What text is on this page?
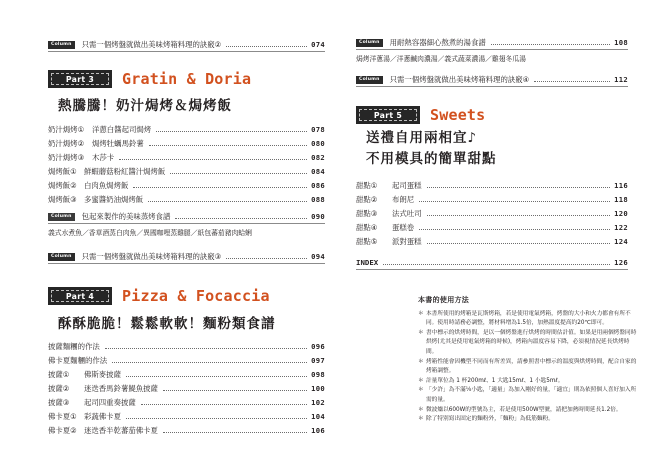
Column	只需一個烤盤就做出美味烤箱料理的訣竅②	074
Part 3	Gratin & Doria
熱騰騰！奶汁焗烤＆焗烤飯
奶汁焗烤① 洋蔥白醬起司焗烤	078
奶汁焗烤② 焗烤牡蠣馬鈴薯	080
奶汁焗烤③ 木莎卡	082
焗烤飯① 鮮蝦蘑菇粉紅醬汁焗烤飯	084
焗烤飯② 白肉魚焗烤飯	086
焗烤飯③ 多蜜醬奶油焗烤飯	088
Column	包起來製作的美味蒸烤食譜	090
義式水煮魚／香草酒蒸白肉魚／異國咖哩蒸雞腿／紙包蕃茄豬肉蛤蜊
Column	只需一個烤盤就做出美味烤箱料理的訣竅③	094
Part 4	Pizza & Focaccia
酥酥脆脆！鬆鬆軟軟！麵粉類食譜
披薩麵糰的作法	096
佛卡夏麵糰的作法	097
披薩① 佛斯麥披薩	098
披薩② 迷迭香馬鈴薯鯷魚披薩	100
披薩③ 起司四重奏披薩	102
佛卡夏① 彩蔬佛卡夏	104
佛卡夏② 迷迭香半乾蕃茄佛卡夏	106
Column	用耐熱容器細心熬煮的湯食譜	108
焗烤洋蔥湯／洋蔥鹹肉濃湯／義式蔬菜濃湯／雞翅冬瓜湯
Column	只需一個烤盤就做出美味烤箱料理的訣竅④	112
Part 5	Sweets
送禮自用兩相宜♪
不用模具的簡單甜點
甜點① 起司蛋糕	116
甜點② 布朗尼	118
甜點③ 法式吐司	120
甜點④ 蛋糕卷	122
甜點⑤ 派對蛋糕	124
INDEX	126
本書的使用方法
＊ 本書所使用的烤箱是瓦斯烤箱，若是使用電氣烤箱，烤盤的大小和火力都會有所不同。使用時請務必調整，將材料增為1.5倍，加熱溫度提高約20℃即可。
＊ 書中標示的烘烤時間，是以一個烤盤進行烘烤的時間估計值。如果是用兩個烤盤同時烘烤(尤其是使用電氣烤箱的時候)，烤箱內溫度容易下降，必須視情況延長烘烤時間。
＊ 烤箱性能會因機型不同而有所差異，請參照書中標示的溫度與烘烤時間，配合自家的烤箱調整。
＊ 計量單位為 1 杯200mℓ、1 大匙15mℓ、1 小匙5mℓ。
＊ 「少許」為不滿⅛小匙，「適量」為加入剛好的量，「適宜」則為依照個人喜好加入所需的量。
＊ 微波爐以600W的型號為主，若是使用500W型號，請把加熱時間延長1.2倍。
＊ 除了特別寫出固定的麵粉外，「麵粉」為低筋麵粉。
